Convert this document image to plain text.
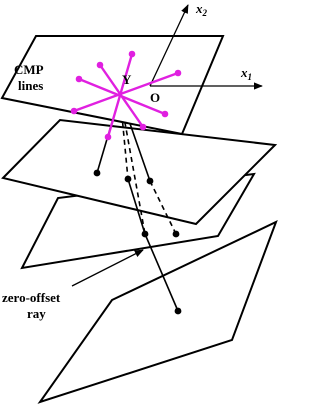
CMP
lines	Y
O
$x_1$
$x_2$
zero-offset
ray
